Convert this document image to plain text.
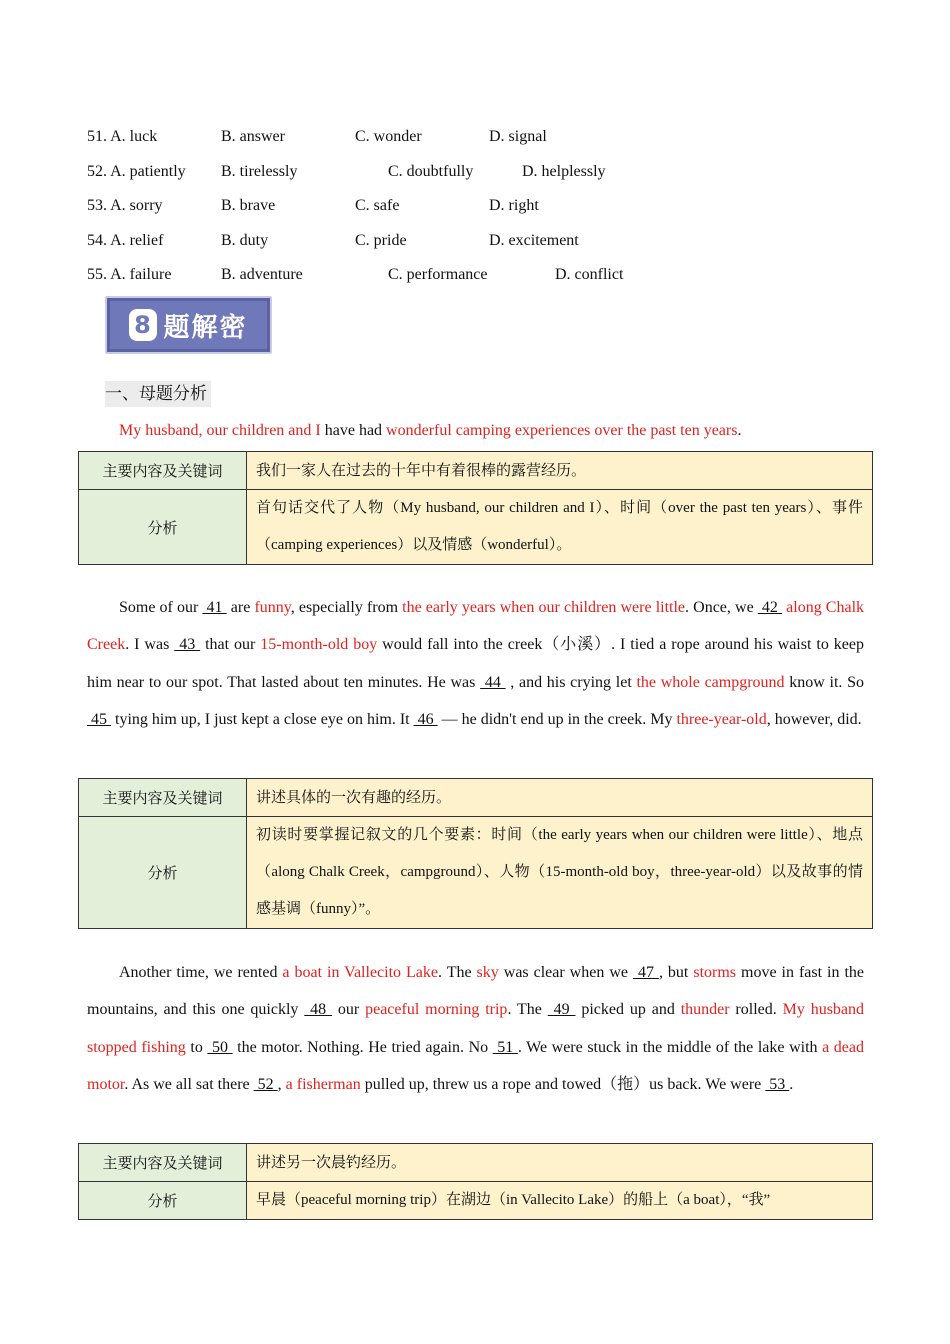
51. A. luck	B. answer	C. wonder	D. signal
52. A. patiently B. tirelessly	C. doubtfully	D. helplessly
53. A. sorry	B. brave	C. safe	D. right
54. A. relief	B. duty	C. pride	D. excitement
55. A. failure	B. adventure	C. performance	D. conflict
8 题解密
一、母题分析
My husband, our children and I have had wonderful camping experiences over the past ten years.
主要内容及关键词	我们一家人在过去的十年中有着很棒的露营经历。
分析	首句话交代了人物（My husband, our children and I）、时间（over the past ten years）、事件（camping experiences）以及情感（wonderful）。
Some of our  41  are funny, especially from the early years when our children were little. Once, we  42  along Chalk Creek. I was  43  that our 15-month-old boy would fall into the creek（小溪）. I tied a rope around his waist to keep him near to our spot. That lasted about ten minutes. He was  44  , and his crying let the whole campground know it. So  45  tying him up, I just kept a close eye on him. It  46  — he didn't end up in the creek. My three-year-old, however, did.
主要内容及关键词	讲述具体的一次有趣的经历。
分析	初读时要掌握记叙文的几个要素：时间（the early years when our children were little）、地点（along Chalk Creek，campground）、人物（15-month-old boy，three-year-old）以及故事的情感基调（funny）”。
Another time, we rented a boat in Vallecito Lake. The sky was clear when we  47 , but storms move in fast in the mountains, and this one quickly  48  our peaceful morning trip. The  49  picked up and thunder rolled. My husband stopped fishing to  50  the motor. Nothing. He tried again. No  51 . We were stuck in the middle of the lake with a dead motor. As we all sat there  52 , a fisherman pulled up, threw us a rope and towed（拖）us back. We were  53 .
主要内容及关键词	讲述另一次晨钓经历。
分析	早晨（peaceful morning trip）在湖边（in Vallecito Lake）的船上（a boat），“我”
